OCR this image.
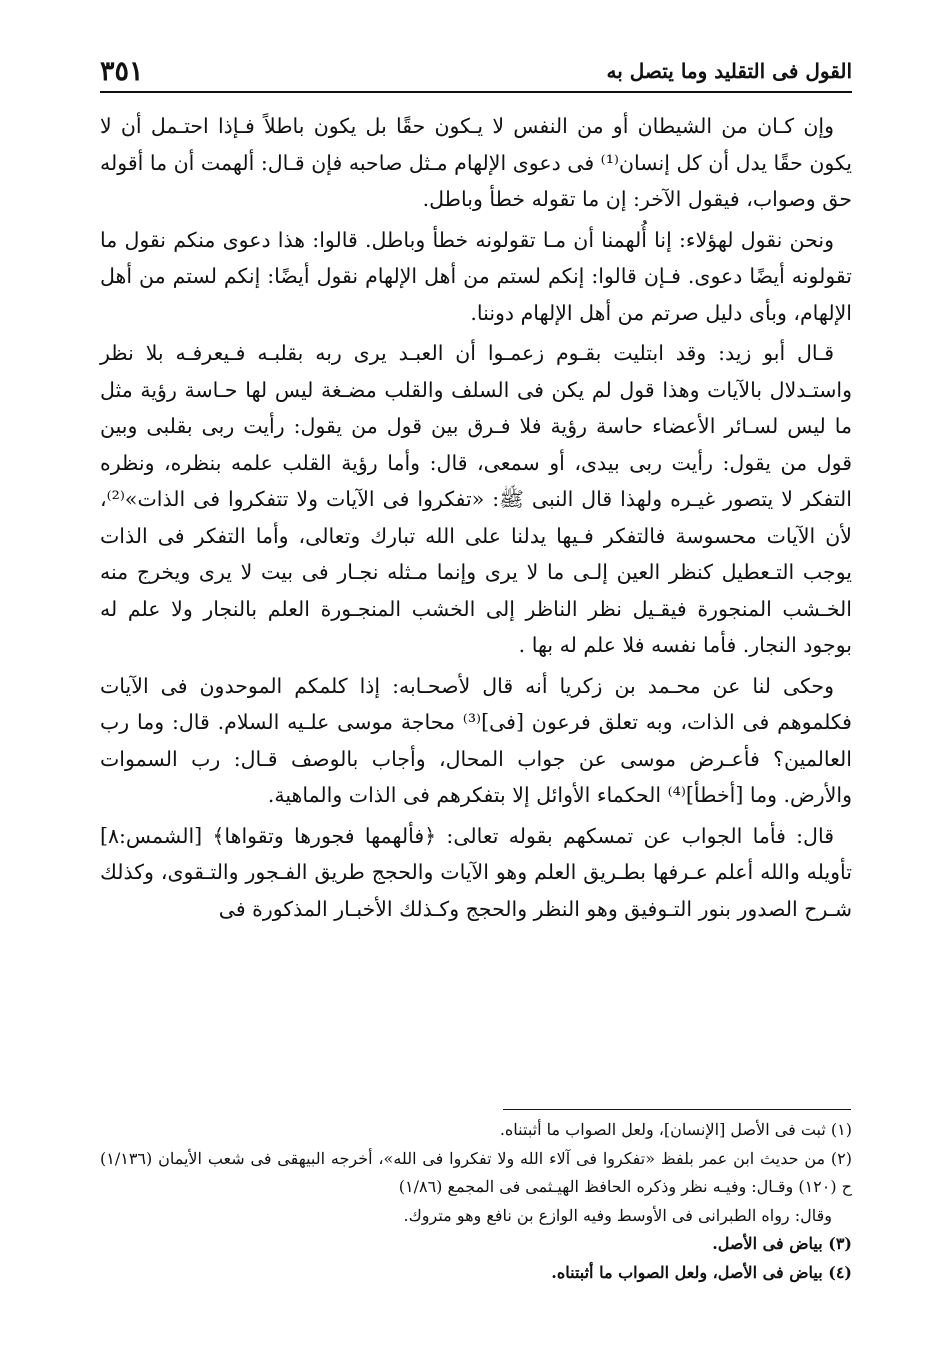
٣٥١	القول فى التقليد وما يتصل به

وإن كـان من الشيطان أو من النفس لا يـكون حقًا بل يكون باطلاً فـإذا احتـمل أن لا يكون حقًا يدل أن كل إنسان⁽¹⁾ فى دعوى الإلهام مـثل صاحبه فإن قـال: ألهمت أن ما أقوله حق وصواب، فيقول الآخر: إن ما تقوله خطأ وباطل.

ونحن نقول لهؤلاء: إنا أُلهمنا أن مـا تقولونه خطأ وباطل. قالوا: هذا دعوى منكم نقول ما تقولونه أيضًا دعوى. فـإن قالوا: إنكم لستم من أهل الإلهام نقول أيضًا: إنكم لستم من أهل الإلهام، وبأى دليل صرتم من أهل الإلهام دوننا.

قـال أبو زيد: وقد ابتليت بقـوم زعمـوا أن العبـد يرى ربه بقلبـه فـيعرفـه بلا نظر واستـدلال بالآيات وهذا قول لم يكن فى السلف والقلب مضـغة ليس لها حـاسة رؤية مثل ما ليس لسـائر الأعضاء حاسة رؤية فلا فـرق بين قول من يقول: رأيت ربى بقلبى وبين قول من يقول: رأيت ربى بيدى، أو سمعى، قال: وأما رؤية القلب علمه بنظره، ونظره التفكر لا يتصور غيـره ولهذا قال النبى ﷺ: «تفكروا فى الآيات ولا تتفكروا فى الذات»⁽²⁾، لأن الآيات محسوسة فالتفكر فـيها يدلنا على الله تبارك وتعالى، وأما التفكر فى الذات يوجب التـعطيل كنظر العين إلـى ما لا يرى وإنما مـثله نجـار فى بيت لا يرى ويخرج منه الخـشب المنجورة فيقـيل نظر الناظر إلى الخشب المنجـورة العلم بالنجار ولا علم له بوجود النجار. فأما نفسه فلا علم له بها .

وحكى لنا عن محـمد بن زكريا أنه قال لأصحـابه: إذا كلمكم الموحدون فى الآيات فكلموهم فى الذات، وبه تعلق فرعون [فى]⁽³⁾ محاجة موسى علـيه السلام. قال: وما رب العالمين؟ فأعـرض موسى عن جواب المحال، وأجاب بالوصف قـال: رب السموات والأرض. وما [أخطأ]⁽⁴⁾ الحكماء الأوائل إلا بتفكرهم فى الذات والماهية.

قال: فأما الجواب عن تمسكهم بقوله تعالى: ﴿فألهمها فجورها وتقواها﴾ [الشمس:٨] تأويله والله أعلم عـرفها بطـريق العلم وهو الآيات والحجج طريق الفـجور والتـقوى، وكذلك شـرح الصدور بنور التـوفيق وهو النظر والحجج وكـذلك الأخبـار المذكورة فى

(١) ثبت فى الأصل [الإنسان]، ولعل الصواب ما أثبتناه.

(٢) من حديث ابن عمر بلفظ «تفكروا فى آلاء الله ولا تفكروا فى الله»، أخرجه البيهقى فى شعب الأيمان (١/١٣٦) ح (١٢٠) وقـال: وفيـه نظر وذكره الحافظ الهيـثمى فى المجمع (١/٨٦)

وقال: رواه الطبرانى فى الأوسط وفيه الوازع بن نافع وهو متروك.

(٣) بياض فى الأصل.

(٤) بياض فى الأصل، ولعل الصواب ما أثبتناه.
